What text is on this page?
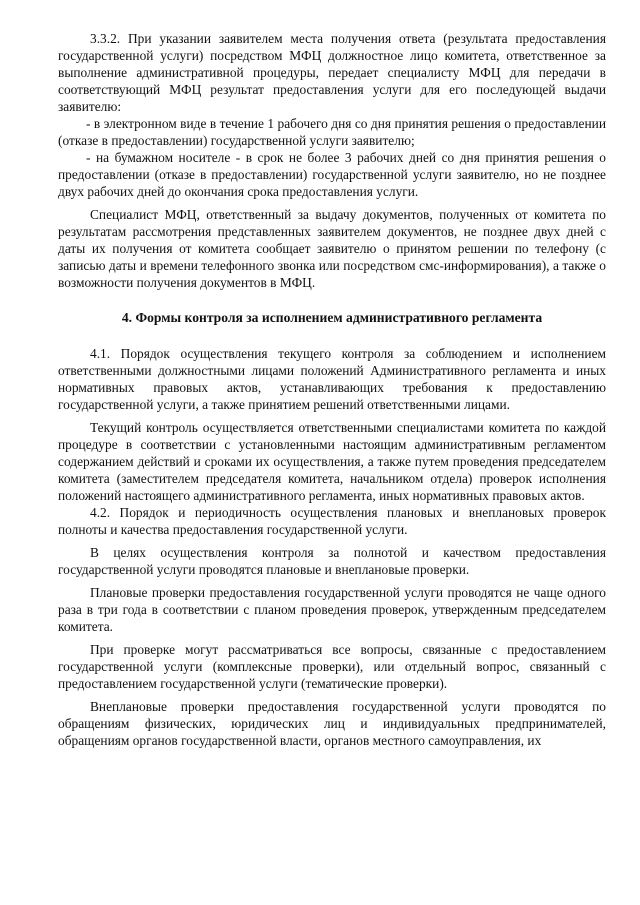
3.3.2. При указании заявителем места получения ответа (результата предоставления государственной услуги) посредством МФЦ должностное лицо комитета, ответственное за выполнение административной процедуры, передает специалисту МФЦ для передачи в соответствующий МФЦ результат предоставления услуги для его последующей выдачи заявителю:

- в электронном виде в течение 1 рабочего дня со дня принятия решения о предоставлении (отказе в предоставлении) государственной услуги заявителю;

- на бумажном носителе - в срок не более 3 рабочих дней со дня принятия решения о предоставлении (отказе в предоставлении) государственной услуги заявителю, но не позднее двух рабочих дней до окончания срока предоставления услуги.

Специалист МФЦ, ответственный за выдачу документов, полученных от комитета по результатам рассмотрения представленных заявителем документов, не позднее двух дней с даты их получения от комитета сообщает заявителю о принятом решении по телефону (с записью даты и времени телефонного звонка или посредством смс-информирования), а также о возможности получения документов в МФЦ.

4. Формы контроля за исполнением административного регламента

4.1. Порядок осуществления текущего контроля за соблюдением и исполнением ответственными должностными лицами положений Административного регламента и иных нормативных правовых актов, устанавливающих требования к предоставлению государственной услуги, а также принятием решений ответственными лицами.

Текущий контроль осуществляется ответственными специалистами комитета по каждой процедуре в соответствии с установленными настоящим административным регламентом содержанием действий и сроками их осуществления, а также путем проведения председателем комитета (заместителем председателя комитета, начальником отдела) проверок исполнения положений настоящего административного регламента, иных нормативных правовых актов.

4.2. Порядок и периодичность осуществления плановых и внеплановых проверок полноты и качества предоставления государственной услуги.

В целях осуществления контроля за полнотой и качеством предоставления государственной услуги проводятся плановые и внеплановые проверки.

Плановые проверки предоставления государственной услуги проводятся не чаще одного раза в три года в соответствии с планом проведения проверок, утвержденным председателем комитета.

При проверке могут рассматриваться все вопросы, связанные с предоставлением государственной услуги (комплексные проверки), или отдельный вопрос, связанный с предоставлением государственной услуги (тематические проверки).

Внеплановые проверки предоставления государственной услуги проводятся по обращениям физических, юридических лиц и индивидуальных предпринимателей, обращениям органов государственной власти, органов местного самоуправления, их
